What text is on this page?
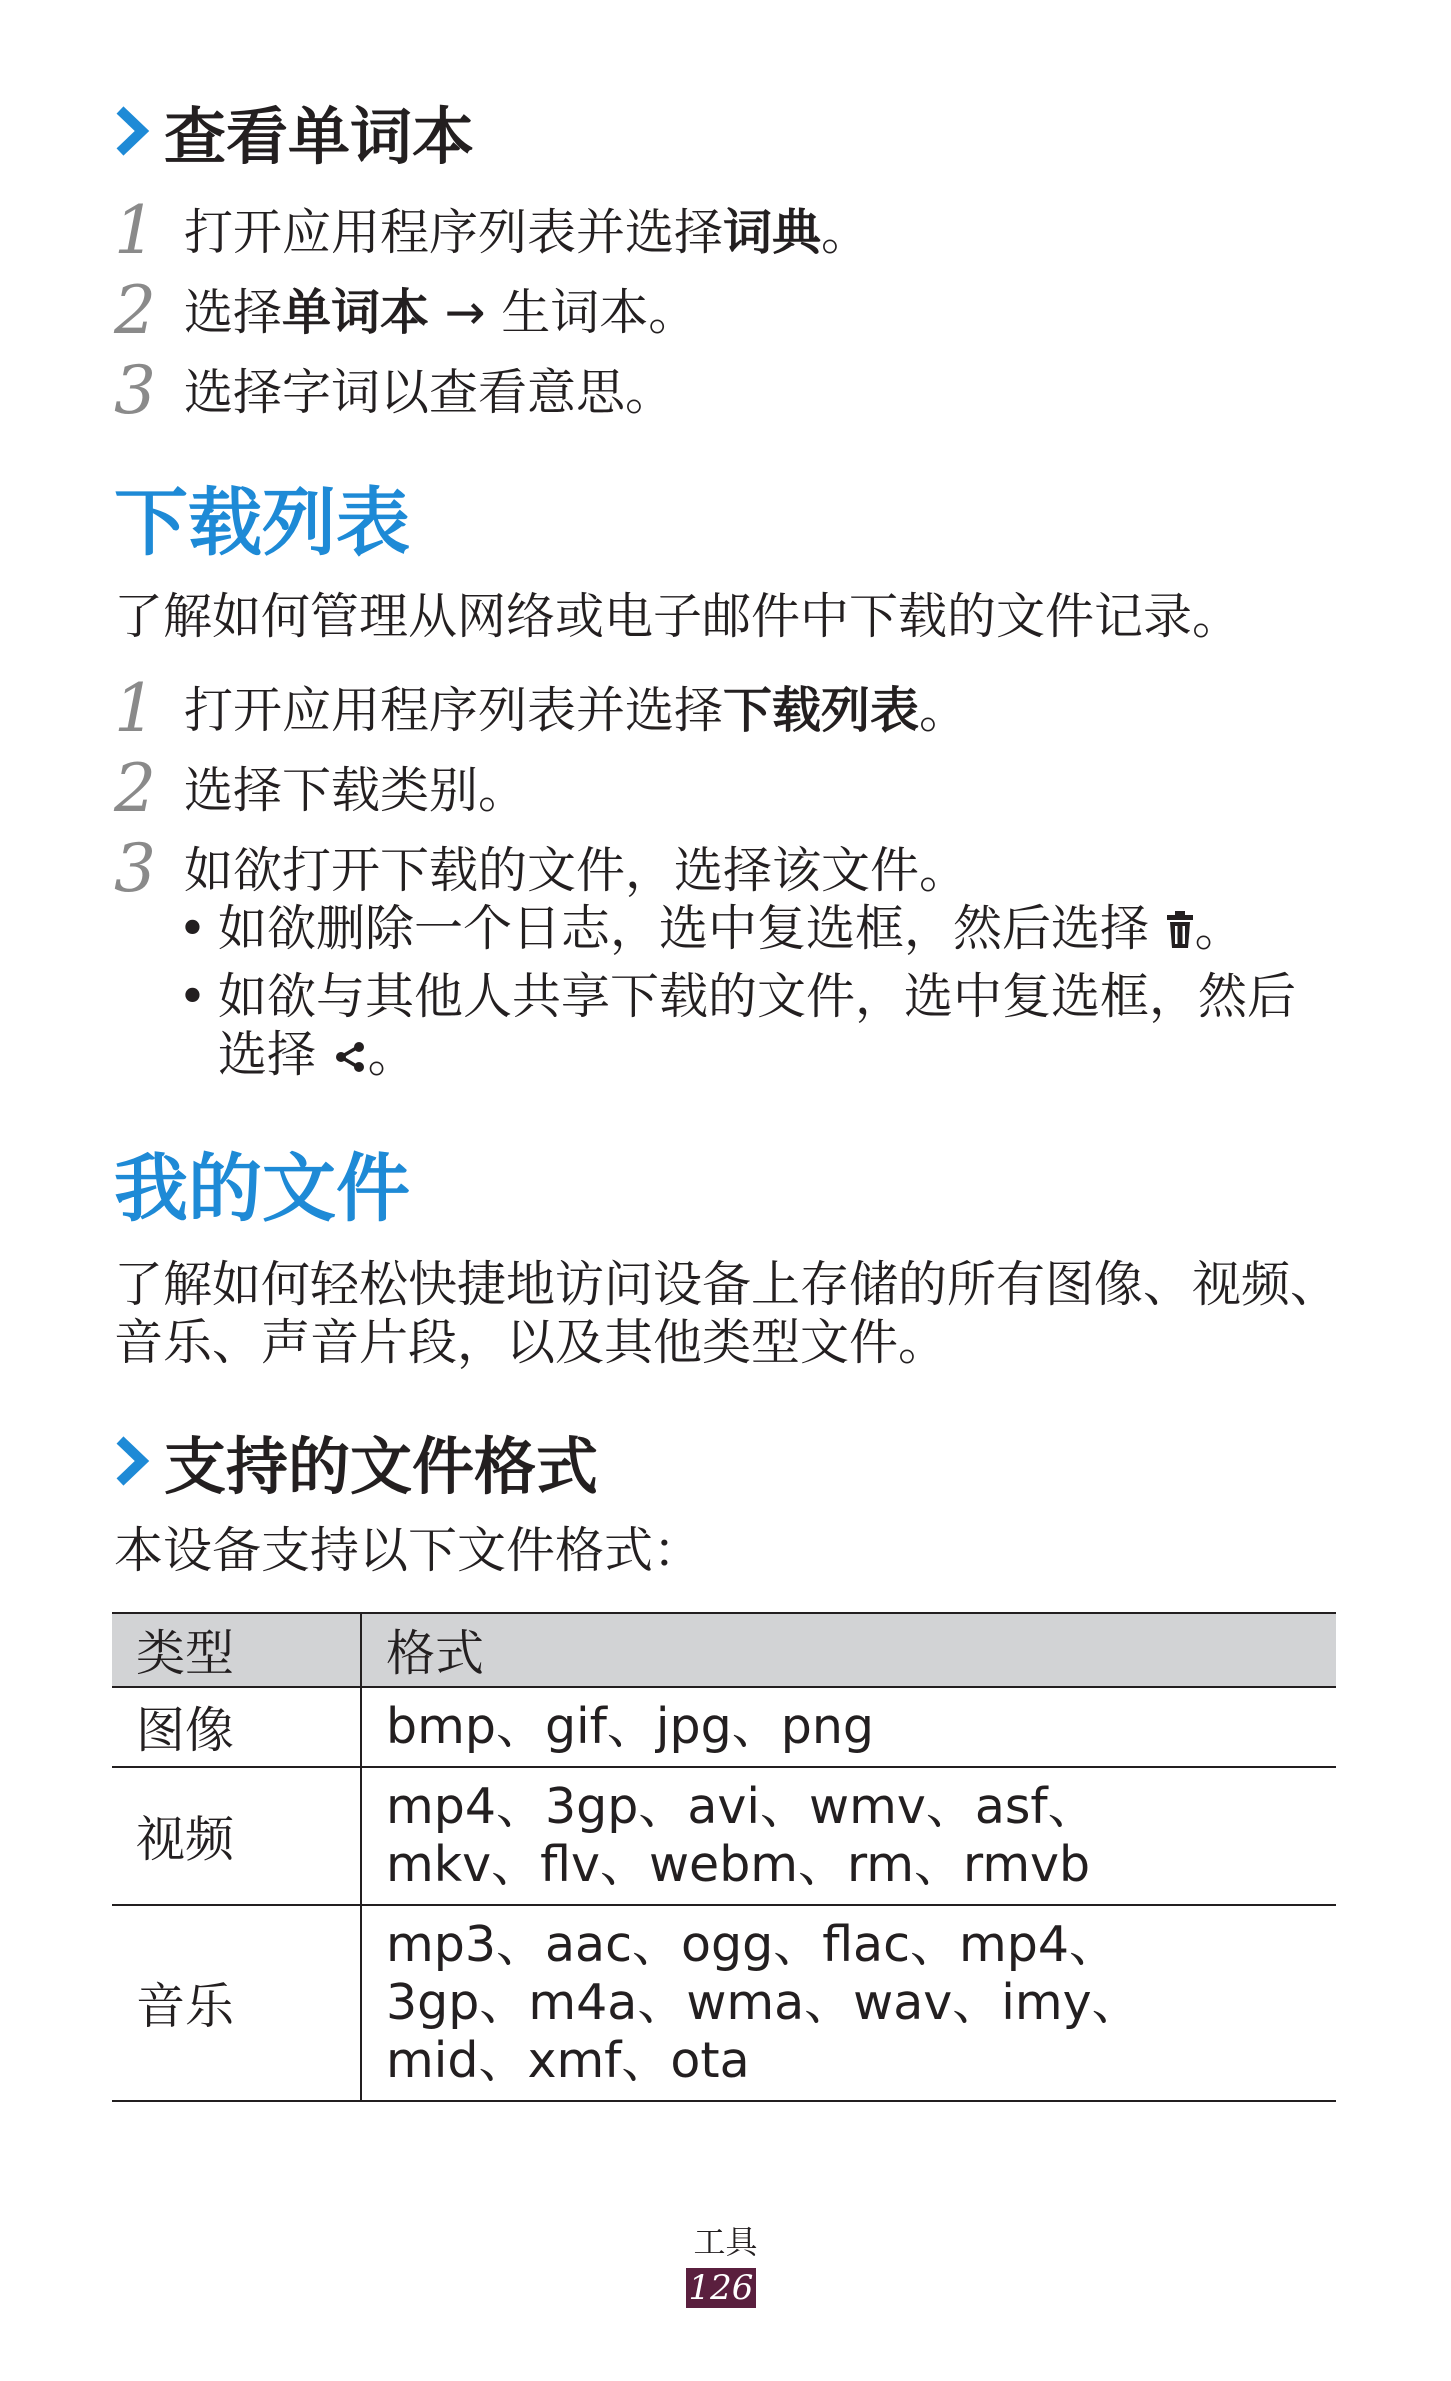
查看单词本
1 打开应用程序列表并选择词典。
2 选择单词本 → 生词本。
3 选择字词以查看意思。
下载列表
了解如何管理从网络或电子邮件中下载的文件记录。
1 打开应用程序列表并选择下载列表。
2 选择下载类别。
3 如欲打开下载的文件，选择该文件。
• 如欲删除一个日志，选中复选框，然后选择 。
• 如欲与其他人共享下载的文件，选中复选框，然后选择 。
我的文件
了解如何轻松快捷地访问设备上存储的所有图像、视频、音乐、声音片段，以及其他类型文件。
支持的文件格式
本设备支持以下文件格式：
类型	格式
图像	bmp、gif、jpg、png
视频	mp4、3gp、avi、wmv、asf、mkv、flv、webm、rm、rmvb
音乐	mp3、aac、ogg、flac、mp4、3gp、m4a、wma、wav、imy、mid、xmf、ota
工具
126
